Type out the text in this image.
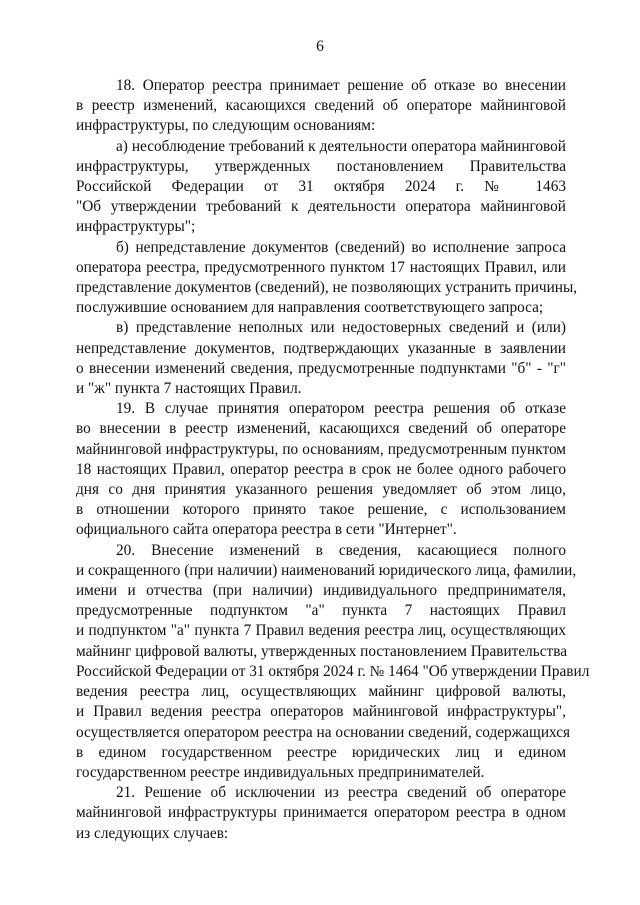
6

18. Оператор реестра принимает решение об отказе во внесении
в реестр изменений, касающихся сведений об операторе майнинговой
инфраструктуры, по следующим основаниям:

а) несоблюдение требований к деятельности оператора майнинговой
инфраструктуры, утвержденных постановлением Правительства
Российской Федерации от 31 октября 2024 г. № 1463
"Об утверждении требований к деятельности оператора майнинговой
инфраструктуры";

б) непредставление документов (сведений) во исполнение запроса
оператора реестра, предусмотренного пунктом 17 настоящих Правил, или
представление документов (сведений), не позволяющих устранить причины,
послужившие основанием для направления соответствующего запроса;

в) представление неполных или недостоверных сведений и (или)
непредставление документов, подтверждающих указанные в заявлении
о внесении изменений сведения, предусмотренные подпунктами "б" - "г"
и "ж" пункта 7 настоящих Правил.

19. В случае принятия оператором реестра решения об отказе
во внесении в реестр изменений, касающихся сведений об операторе
майнинговой инфраструктуры, по основаниям, предусмотренным пунктом
18 настоящих Правил, оператор реестра в срок не более одного рабочего
дня со дня принятия указанного решения уведомляет об этом лицо,
в отношении которого принято такое решение, с использованием
официального сайта оператора реестра в сети "Интернет".

20. Внесение изменений в сведения, касающиеся полного
и сокращенного (при наличии) наименований юридического лица, фамилии,
имени и отчества (при наличии) индивидуального предпринимателя,
предусмотренные подпунктом "а" пункта 7 настоящих Правил
и подпунктом "а" пункта 7 Правил ведения реестра лиц, осуществляющих
майнинг цифровой валюты, утвержденных постановлением Правительства
Российской Федерации от 31 октября 2024 г. № 1464 "Об утверждении Правил
ведения реестра лиц, осуществляющих майнинг цифровой валюты,
и Правил ведения реестра операторов майнинговой инфраструктуры",
осуществляется оператором реестра на основании сведений, содержащихся
в едином государственном реестре юридических лиц и едином
государственном реестре индивидуальных предпринимателей.

21. Решение об исключении из реестра сведений об операторе
майнинговой инфраструктуры принимается оператором реестра в одном
из следующих случаев:
